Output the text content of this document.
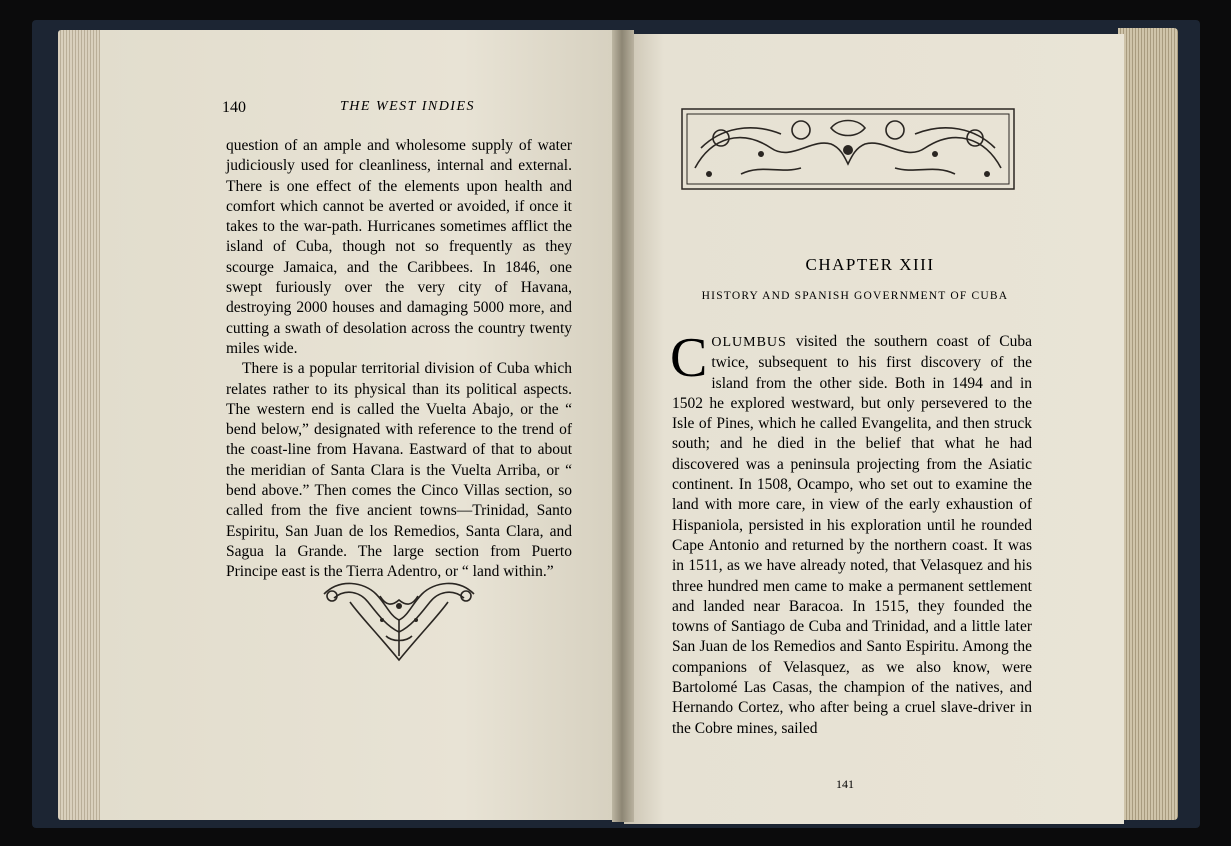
140	THE WEST INDIES

question of an ample and wholesome supply of water judiciously used for cleanliness, internal and external. There is one effect of the elements upon health and comfort which cannot be averted or avoided, if once it takes to the war-path. Hurricanes sometimes afflict the island of Cuba, though not so frequently as they scourge Jamaica, and the Caribbees. In 1846, one swept furiously over the very city of Havana, destroying 2000 houses and damaging 5000 more, and cutting a swath of desolation across the country twenty miles wide.

There is a popular territorial division of Cuba which relates rather to its physical than its political aspects. The western end is called the Vuelta Abajo, or the “ bend below,” designated with reference to the trend of the coast-line from Havana. Eastward of that to about the meridian of Santa Clara is the Vuelta Arriba, or “ bend above.” Then comes the Cinco Villas section, so called from the five ancient towns—Trinidad, Santo Espiritu, San Juan de los Remedios, Santa Clara, and Sagua la Grande. The large section from Puerto Principe east is the Tierra Adentro, or “ land within.”

CHAPTER XIII
HISTORY AND SPANISH GOVERNMENT OF CUBA

COLUMBUS visited the southern coast of Cuba twice, subsequent to his first discovery of the island from the other side. Both in 1494 and in 1502 he explored westward, but only persevered to the Isle of Pines, which he called Evangelita, and then struck south; and he died in the belief that what he had discovered was a peninsula projecting from the Asiatic continent. In 1508, Ocampo, who set out to examine the land with more care, in view of the early exhaustion of Hispaniola, persisted in his exploration until he rounded Cape Antonio and returned by the northern coast. It was in 1511, as we have already noted, that Velasquez and his three hundred men came to make a permanent settlement and landed near Baracoa. In 1515, they founded the towns of Santiago de Cuba and Trinidad, and a little later San Juan de los Remedios and Santo Espiritu. Among the companions of Velasquez, as we also know, were Bartolomé Las Casas, the champion of the natives, and Hernando Cortez, who after being a cruel slave-driver in the Cobre mines, sailed

141
